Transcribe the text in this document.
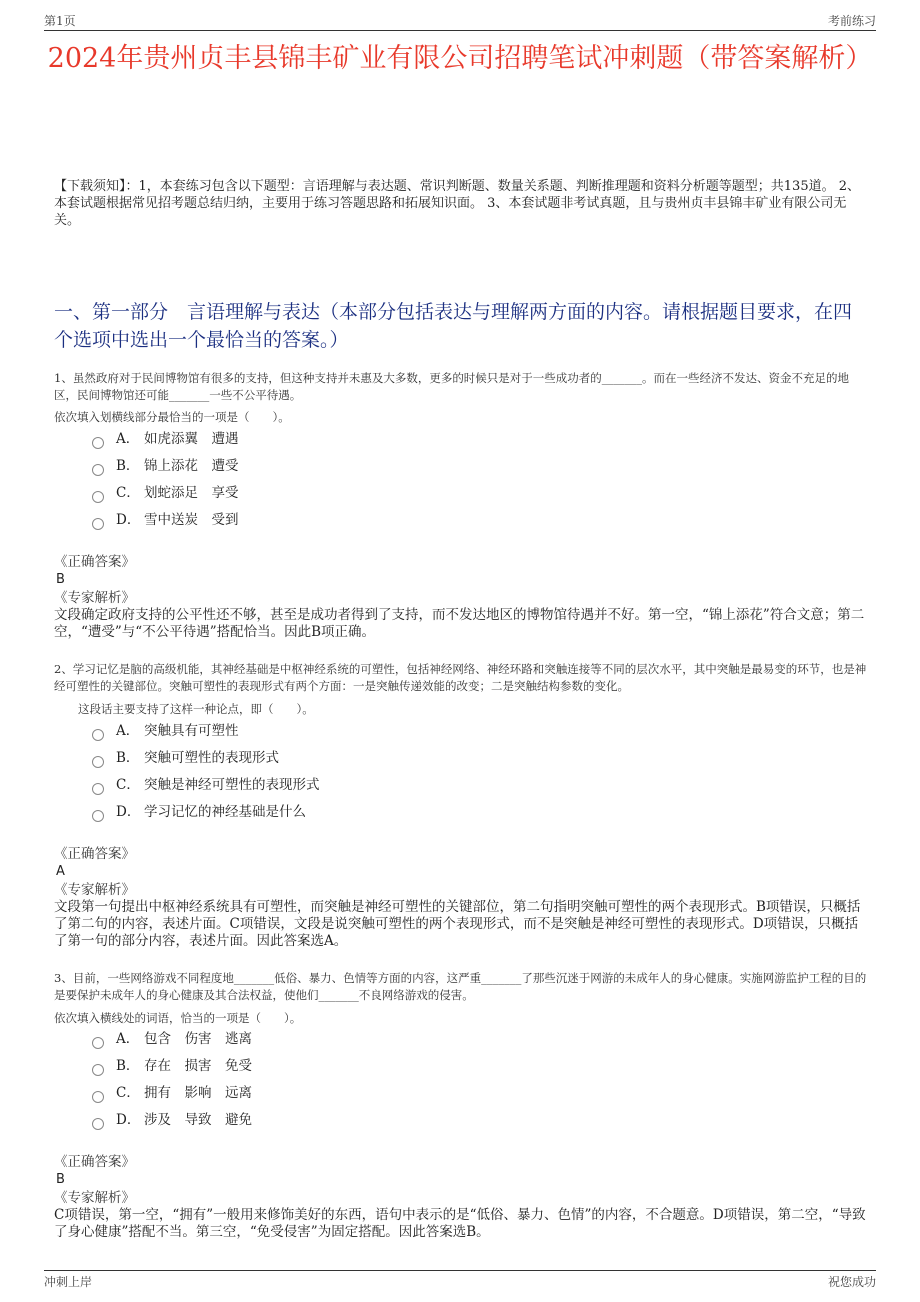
第1页	考前练习
2024年贵州贞丰县锦丰矿业有限公司招聘笔试冲刺题（带答案解析）
【下载须知】：1，本套练习包含以下题型：言语理解与表达题、常识判断题、数量关系题、判断推理题和资料分析题等题型；共135道。 2、本套试题根据常见招考题总结归纳，主要用于练习答题思路和拓展知识面。 3、本套试题非考试真题，且与贵州贞丰县锦丰矿业有限公司无关。
一、第一部分　言语理解与表达（本部分包括表达与理解两方面的内容。请根据题目要求，在四个选项中选出一个最恰当的答案。）
1、虽然政府对于民间博物馆有很多的支持，但这种支持并未惠及大多数，更多的时候只是对于一些成功者的_______。而在一些经济不发达、资金不充足的地区，民间博物馆还可能_______一些不公平待遇。
依次填入划横线部分最恰当的一项是（　　）。
A． 如虎添翼　遭遇
B． 锦上添花　遭受
C． 划蛇添足　享受
D． 雪中送炭　受到
《正确答案》
B
《专家解析》
文段确定政府支持的公平性还不够，甚至是成功者得到了支持，而不发达地区的博物馆待遇并不好。第一空，“锦上添花”符合文意；第二空，“遭受”与“不公平待遇”搭配恰当。因此B项正确。
2、学习记忆是脑的高级机能，其神经基础是中枢神经系统的可塑性，包括神经网络、神经环路和突触连接等不同的层次水平，其中突触是最易变的环节，也是神经可塑性的关键部位。突触可塑性的表现形式有两个方面：一是突触传递效能的改变；二是突触结构参数的变化。
这段话主要支持了这样一种论点，即（　　）。
A． 突触具有可塑性
B． 突触可塑性的表现形式
C． 突触是神经可塑性的表现形式
D． 学习记忆的神经基础是什么
《正确答案》
A
《专家解析》
文段第一句提出中枢神经系统具有可塑性，而突触是神经可塑性的关键部位，第二句指明突触可塑性的两个表现形式。B项错误，只概括了第二句的内容，表述片面。C项错误，文段是说突触可塑性的两个表现形式，而不是突触是神经可塑性的表现形式。D项错误，只概括了第一句的部分内容，表述片面。因此答案选A。
3、目前，一些网络游戏不同程度地_______低俗、暴力、色情等方面的内容，这严重_______了那些沉迷于网游的未成年人的身心健康。实施网游监护工程的目的是要保护未成年人的身心健康及其合法权益，使他们_______不良网络游戏的侵害。
依次填入横线处的词语，恰当的一项是（　　）。
A． 包含　伤害　逃离
B． 存在　损害　免受
C． 拥有　影响　远离
D． 涉及　导致　避免
《正确答案》
B
《专家解析》
C项错误，第一空，“拥有”一般用来修饰美好的东西，语句中表示的是“低俗、暴力、色情”的内容，不合题意。D项错误，第二空，“导致了身心健康”搭配不当。第三空，“免受侵害”为固定搭配。因此答案选B。
冲刺上岸	祝您成功
